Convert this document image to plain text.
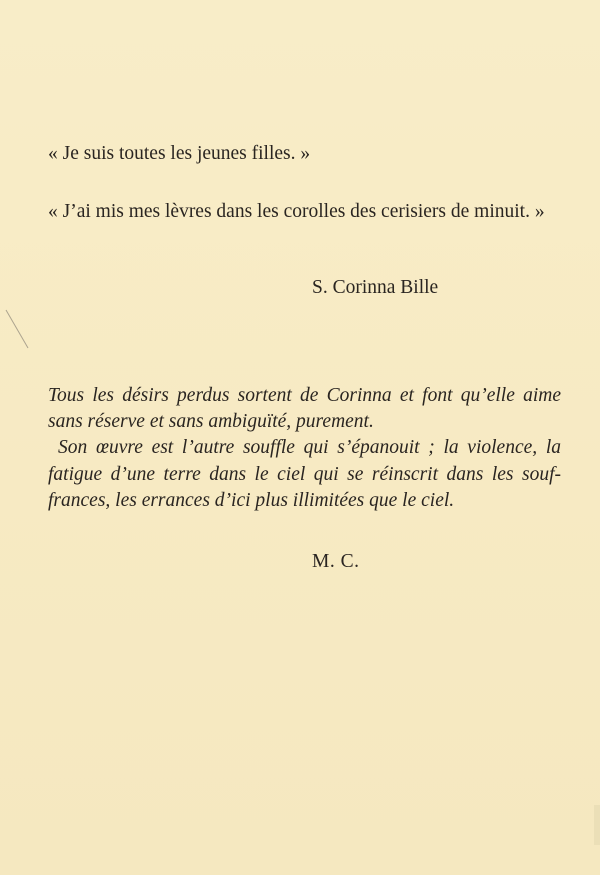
« Je suis toutes les jeunes filles. »
« J’ai mis mes lèvres dans les corolles des cerisiers de minuit. »
S. Corinna Bille

Tous les désirs perdus sortent de Corinna et font qu’elle aime sans réserve et sans ambiguïté, purement.

Son œuvre est l’autre souffle qui s’épanouit ; la violence, la fatigue d’une terre dans le ciel qui se réinscrit dans les souffrances, les errances d’ici plus illimitées que le ciel.

M. C.
